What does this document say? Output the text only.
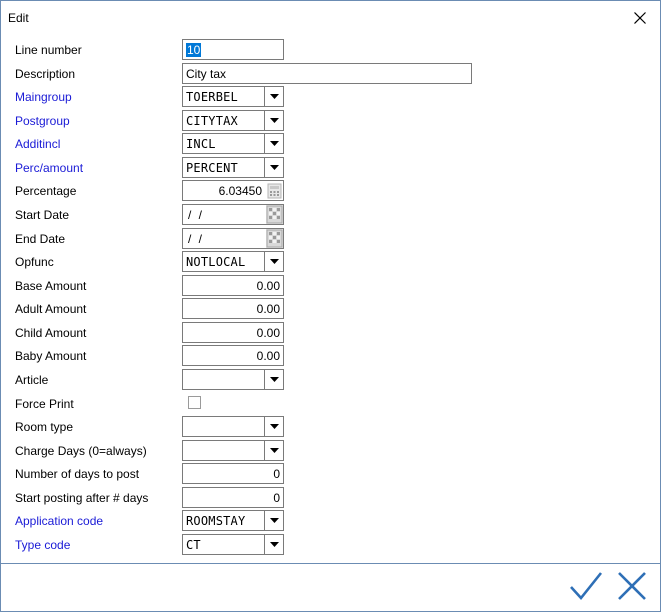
Edit
Line number	10
Description	City tax
Maingroup	TOERBEL
Postgroup	CITYTAX
Additincl	INCL
Perc/amount	PERCENT
Percentage	6.03450
Start Date	/ /
End Date	/ /
Opfunc	NOTLOCAL
Base Amount	0.00
Adult Amount	0.00
Child Amount	0.00
Baby Amount	0.00
Article
Force Print
Room type
Charge Days (0=always)
Number of days to post	0
Start posting after # days	0
Application code	ROOMSTAY
Type code	CT
